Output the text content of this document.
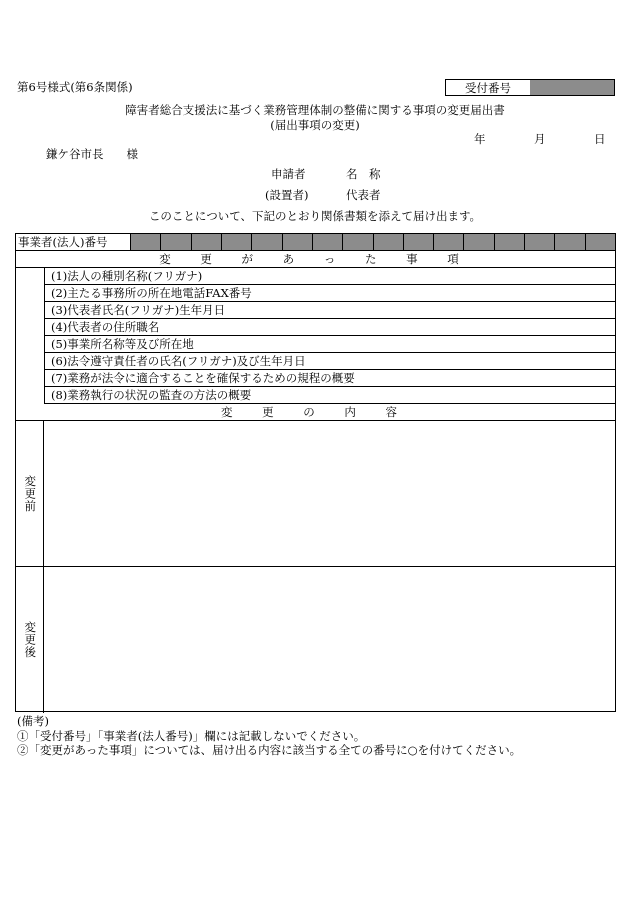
第6号様式(第6条関係)	受付番号
障害者総合支援法に基づく業務管理体制の整備に関する事項の変更届出書
(届出事項の変更)
年	月	日
鎌ケ谷市長　　様
申請者	名　称
(設置者)	代表者
このことについて、下記のとおり関係書類を添えて届け出ます。
事業者(法人)番号
変 更 が あ っ た 事 項
(1)法人の種別名称(フリガナ)
(2)主たる事務所の所在地電話FAX番号
(3)代表者氏名(フリガナ)生年月日
(4)代表者の住所職名
(5)事業所名称等及び所在地
(6)法令遵守責任者の氏名(フリガナ)及び生年月日
(7)業務が法令に適合することを確保するための規程の概要
(8)業務執行の状況の監査の方法の概要
変 更 の 内 容
変更前
変更後
(備考)
①「受付番号」「事業者(法人番号)」欄には記載しないでください。
②「変更があった事項」については、届け出る内容に該当する全ての番号に○を付けてください。
